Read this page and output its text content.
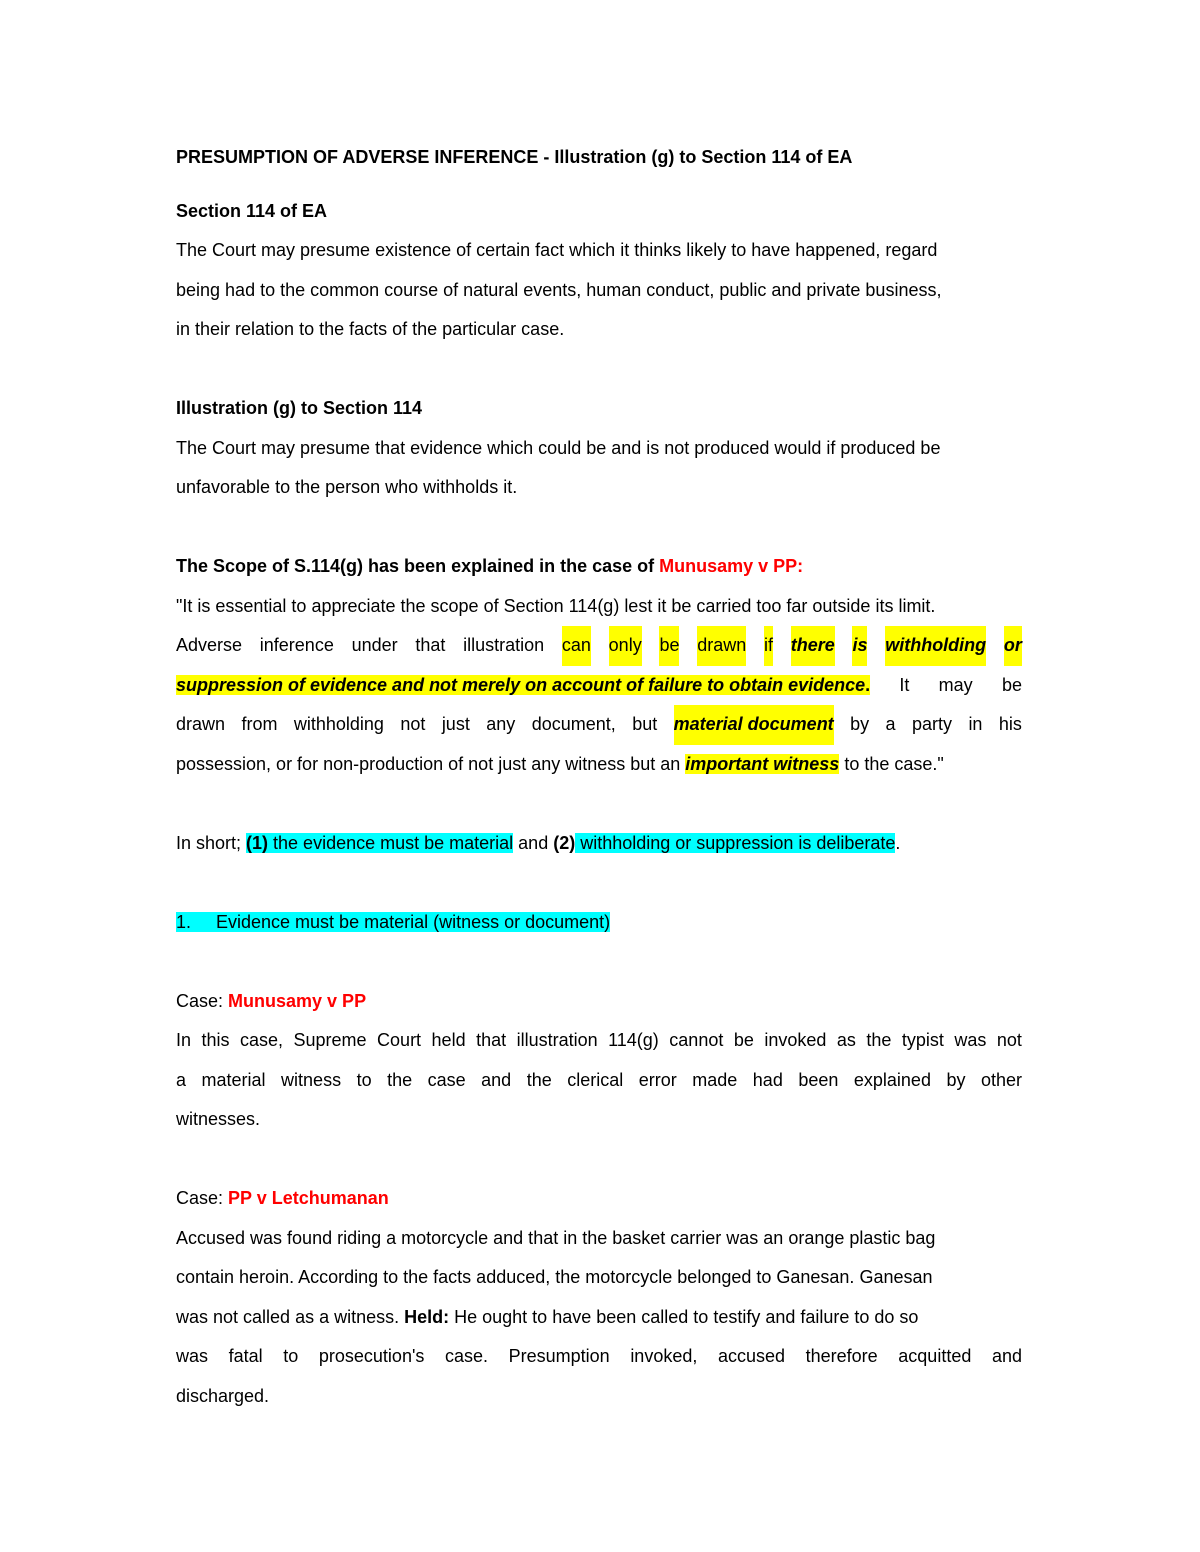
PRESUMPTION OF ADVERSE INFERENCE - Illustration (g) to Section 114 of EA
Section 114 of EA
The Court may presume existence of certain fact which it thinks likely to have happened, regard
being had to the common course of natural events, human conduct, public and private business,
in their relation to the facts of the particular case.
Illustration (g) to Section 114
The Court may presume that evidence which could be and is not produced would if produced be
unfavorable to the person who withholds it.
The Scope of S.114(g) has been explained in the case of Munusamy v PP:
"It is essential to appreciate the scope of Section 114(g) lest it be carried too far outside its limit.
Adverse inference under that illustration can only be drawn if there is withholding or
suppression of evidence and not merely on account of failure to obtain evidence. It may be
drawn from withholding not just any document, but material document by a party in his
possession, or for non-production of not just any witness but an important witness to the case."
In short; (1) the evidence must be material and (2) withholding or suppression is deliberate.
1. Evidence must be material (witness or document)
Case: Munusamy v PP
In this case, Supreme Court held that illustration 114(g) cannot be invoked as the typist was not
a material witness to the case and the clerical error made had been explained by other
witnesses.
Case: PP v Letchumanan
Accused was found riding a motorcycle and that in the basket carrier was an orange plastic bag
contain heroin. According to the facts adduced, the motorcycle belonged to Ganesan. Ganesan
was not called as a witness. Held: He ought to have been called to testify and failure to do so
was fatal to prosecution's case. Presumption invoked, accused therefore acquitted and
discharged.
